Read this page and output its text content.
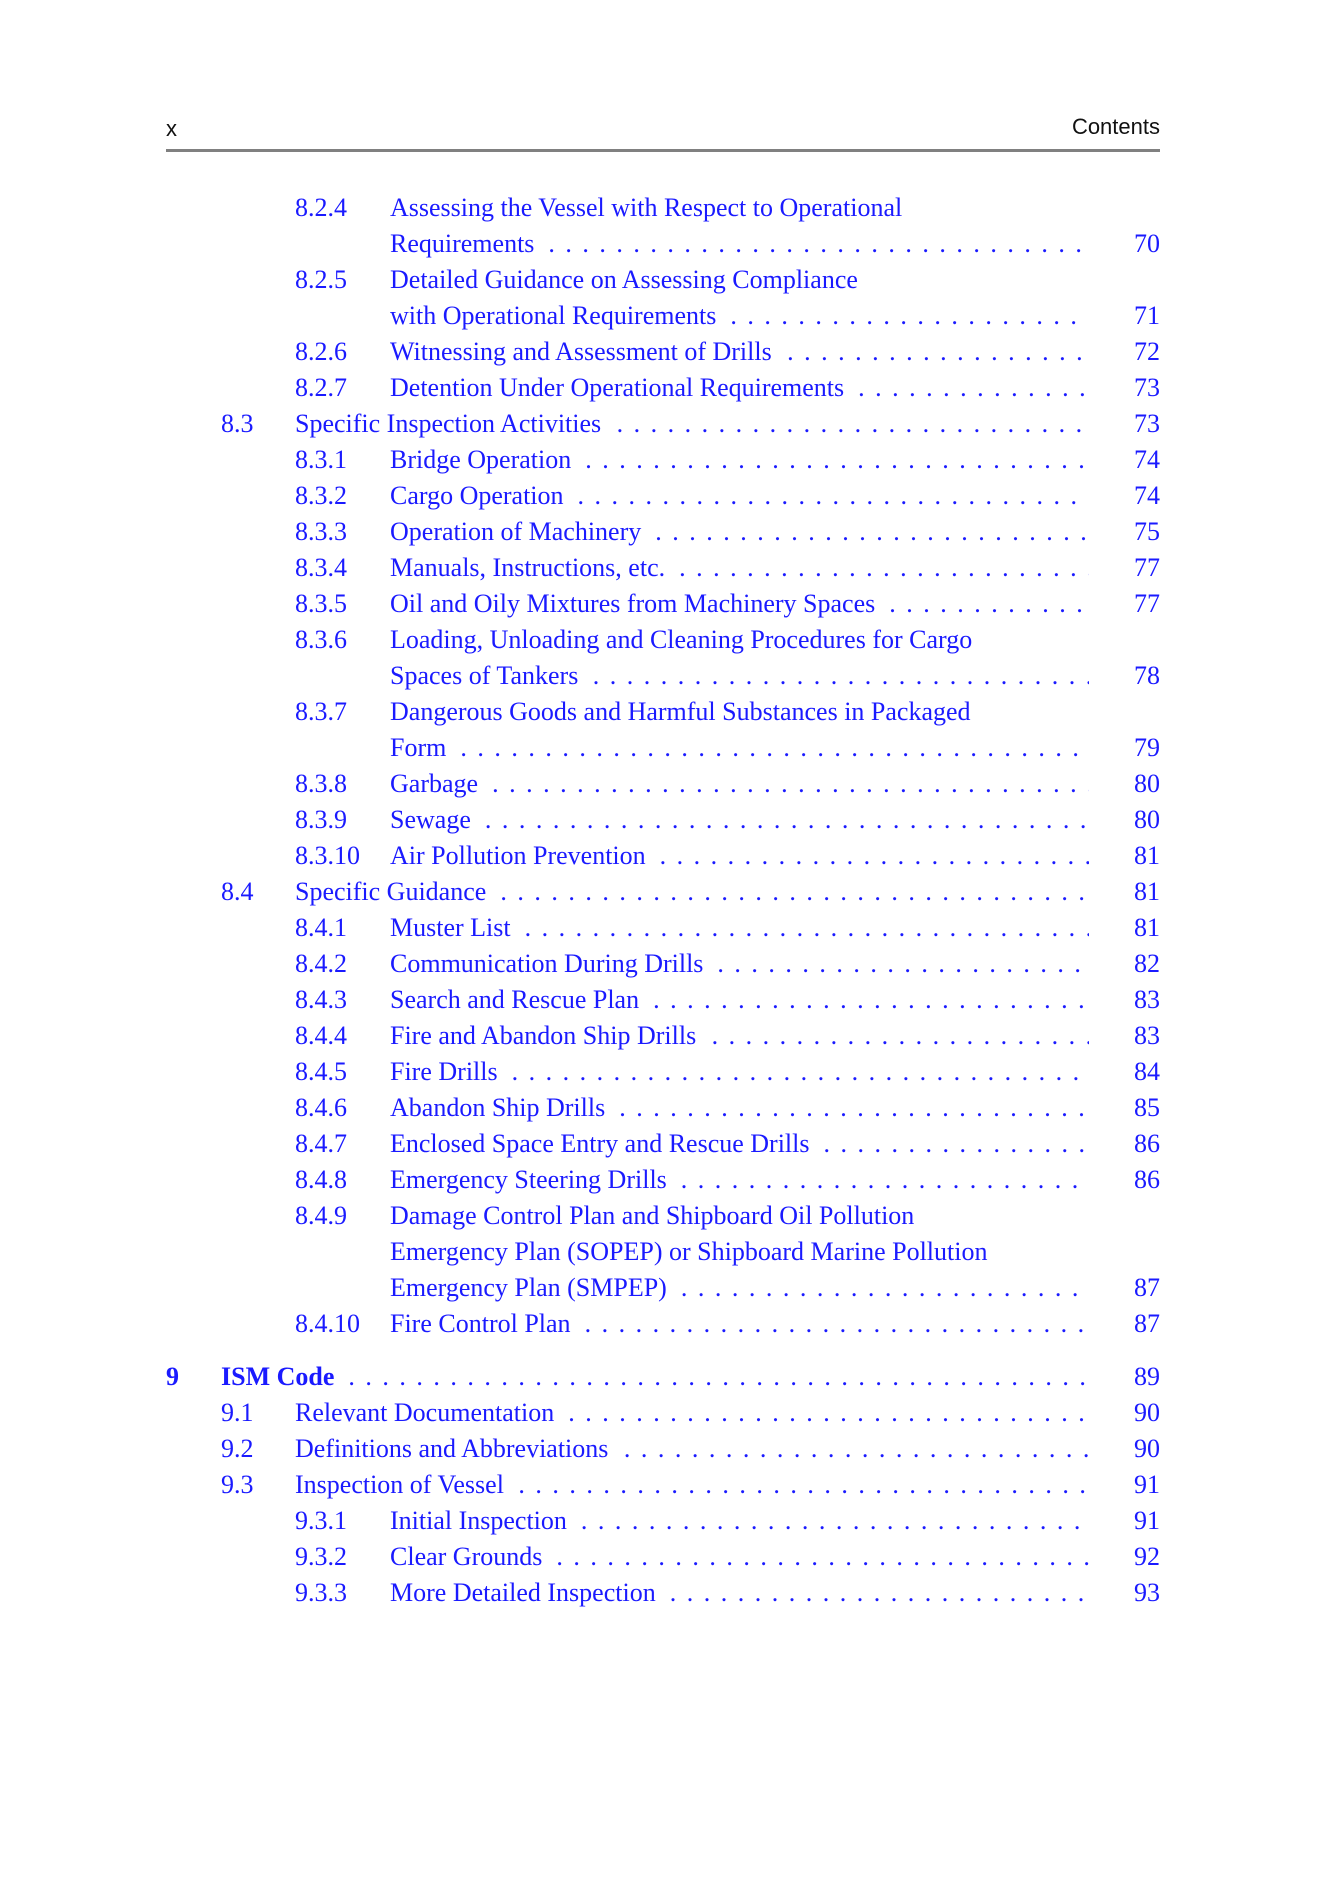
x	Contents
8.2.4 Assessing the Vessel with Respect to Operational
Requirements . . .	70
8.2.5 Detailed Guidance on Assessing Compliance
with Operational Requirements . . .	71
8.2.6 Witnessing and Assessment of Drills . . .	72
8.2.7 Detention Under Operational Requirements . . .	73
8.3 Specific Inspection Activities . . .	73
8.3.1 Bridge Operation . . .	74
8.3.2 Cargo Operation . . .	74
8.3.3 Operation of Machinery . . .	75
8.3.4 Manuals, Instructions, etc. . . .	77
8.3.5 Oil and Oily Mixtures from Machinery Spaces . . .	77
8.3.6 Loading, Unloading and Cleaning Procedures for Cargo
Spaces of Tankers . . .	78
8.3.7 Dangerous Goods and Harmful Substances in Packaged
Form . . .	79
8.3.8 Garbage . . .	80
8.3.9 Sewage . . .	80
8.3.10 Air Pollution Prevention . . .	81
8.4 Specific Guidance . . .	81
8.4.1 Muster List . . .	81
8.4.2 Communication During Drills . . .	82
8.4.3 Search and Rescue Plan . . .	83
8.4.4 Fire and Abandon Ship Drills . . .	83
8.4.5 Fire Drills . . .	84
8.4.6 Abandon Ship Drills . . .	85
8.4.7 Enclosed Space Entry and Rescue Drills . . .	86
8.4.8 Emergency Steering Drills . . .	86
8.4.9 Damage Control Plan and Shipboard Oil Pollution
Emergency Plan (SOPEP) or Shipboard Marine Pollution
Emergency Plan (SMPEP) . . .	87
8.4.10 Fire Control Plan . . .	87
9 ISM Code . . .	89
9.1 Relevant Documentation . . .	90
9.2 Definitions and Abbreviations . . .	90
9.3 Inspection of Vessel . . .	91
9.3.1 Initial Inspection . . .	91
9.3.2 Clear Grounds . . .	92
9.3.3 More Detailed Inspection . . .	93
